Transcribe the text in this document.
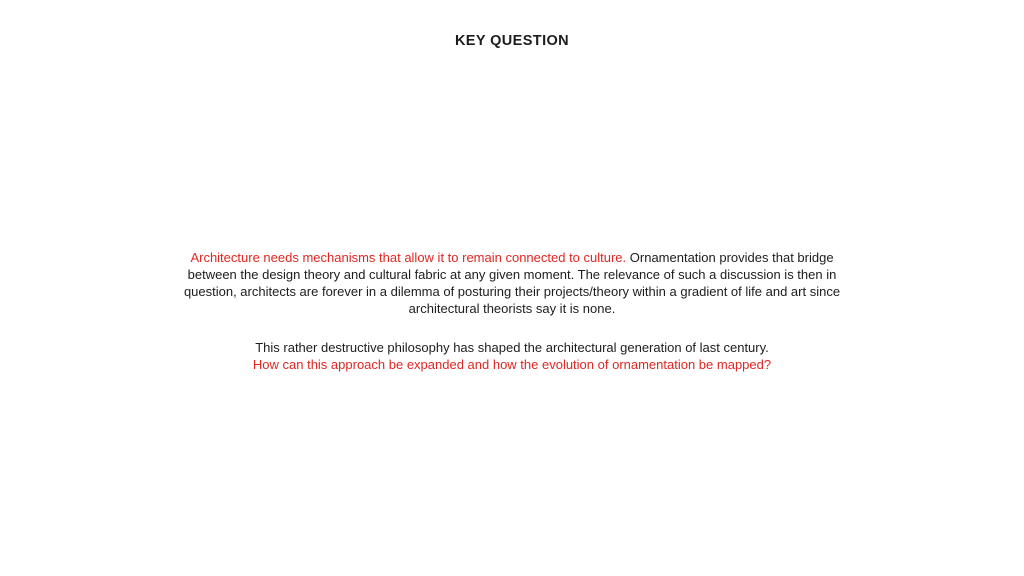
KEY QUESTION

Architecture needs mechanisms that allow it to remain connected to culture. Ornamentation provides that bridge between the design theory and cultural fabric at any given moment. The relevance of such a discussion is then in question, architects are forever in a dilemma of posturing their projects/theory within a gradient of life and art since architectural theorists say it is none.

This rather destructive philosophy has shaped the architectural generation of last century.
How can this approach be expanded and how the evolution of ornamentation be mapped?
